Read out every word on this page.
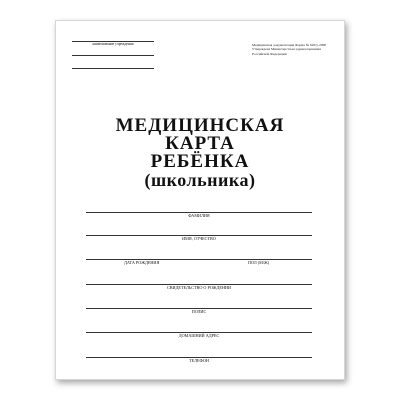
наименование учреждения	Медицинская документация Форма № 026/у-2000
Утверждена Министерством здравоохранения
Российской Федерации
МЕДИЦИНСКАЯ
КАРТА
РЕБЁНКА
(школьника)
ФАМИЛИЯ
ИМЯ, ОТЧЕСТВО
ДАТА РОЖДЕНИЯ	ПОЛ (М/Ж)
СВИДЕТЕЛЬСТВО О РОЖДЕНИИ
ПОЛИС
ДОМАШНИЙ АДРЕС
ТЕЛЕФОН
